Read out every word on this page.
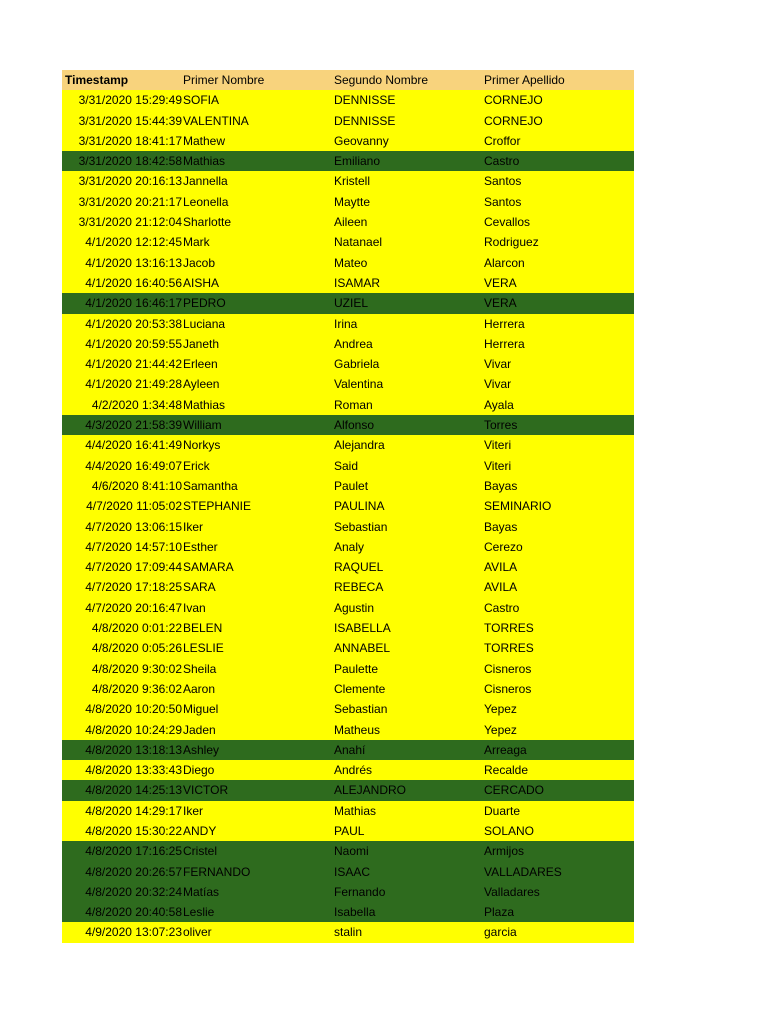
Timestamp	Primer Nombre	Segundo Nombre	Primer Apellido
3/31/2020 15:29:49 SOFIA	DENNISSE	CORNEJO
3/31/2020 15:44:39 VALENTINA	DENNISSE	CORNEJO
3/31/2020 18:41:17 Mathew	Geovanny	Croffor
3/31/2020 18:42:58 Mathias	Emiliano	Castro
3/31/2020 20:16:13 Jannella	Kristell	Santos
3/31/2020 20:21:17 Leonella	Maytte	Santos
3/31/2020 21:12:04 Sharlotte	Aileen	Cevallos
4/1/2020 12:12:45 Mark	Natanael	Rodriguez
4/1/2020 13:16:13 Jacob	Mateo	Alarcon
4/1/2020 16:40:56 AISHA	ISAMAR	VERA
4/1/2020 16:46:17 PEDRO	UZIEL	VERA
4/1/2020 20:53:38 Luciana	Irina	Herrera
4/1/2020 20:59:55 Janeth	Andrea	Herrera
4/1/2020 21:44:42 Erleen	Gabriela	Vivar
4/1/2020 21:49:28 Ayleen	Valentina	Vivar
4/2/2020 1:34:48 Mathias	Roman	Ayala
4/3/2020 21:58:39 William	Alfonso	Torres
4/4/2020 16:41:49 Norkys	Alejandra	Viteri
4/4/2020 16:49:07 Erick	Said	Viteri
4/6/2020 8:41:10 Samantha	Paulet	Bayas
4/7/2020 11:05:02 STEPHANIE	PAULINA	SEMINARIO
4/7/2020 13:06:15 Iker	Sebastian	Bayas
4/7/2020 14:57:10 Esther	Analy	Cerezo
4/7/2020 17:09:44 SAMARA	RAQUEL	AVILA
4/7/2020 17:18:25 SARA	REBECA	AVILA
4/7/2020 20:16:47 Ivan	Agustin	Castro
4/8/2020 0:01:22 BELEN	ISABELLA	TORRES
4/8/2020 0:05:26 LESLIE	ANNABEL	TORRES
4/8/2020 9:30:02 Sheila	Paulette	Cisneros
4/8/2020 9:36:02 Aaron	Clemente	Cisneros
4/8/2020 10:20:50 Miguel	Sebastian	Yepez
4/8/2020 10:24:29 Jaden	Matheus	Yepez
4/8/2020 13:18:13 Ashley	Anahí	Arreaga
4/8/2020 13:33:43 Diego	Andrés	Recalde
4/8/2020 14:25:13 VICTOR	ALEJANDRO	CERCADO
4/8/2020 14:29:17 Iker	Mathias	Duarte
4/8/2020 15:30:22 ANDY	PAUL	SOLANO
4/8/2020 17:16:25 Cristel	Naomi	Armijos
4/8/2020 20:26:57 FERNANDO	ISAAC	VALLADARES
4/8/2020 20:32:24 Matías	Fernando	Valladares
4/8/2020 20:40:58 Leslie	Isabella	Plaza
4/9/2020 13:07:23 oliver	stalin	garcia
